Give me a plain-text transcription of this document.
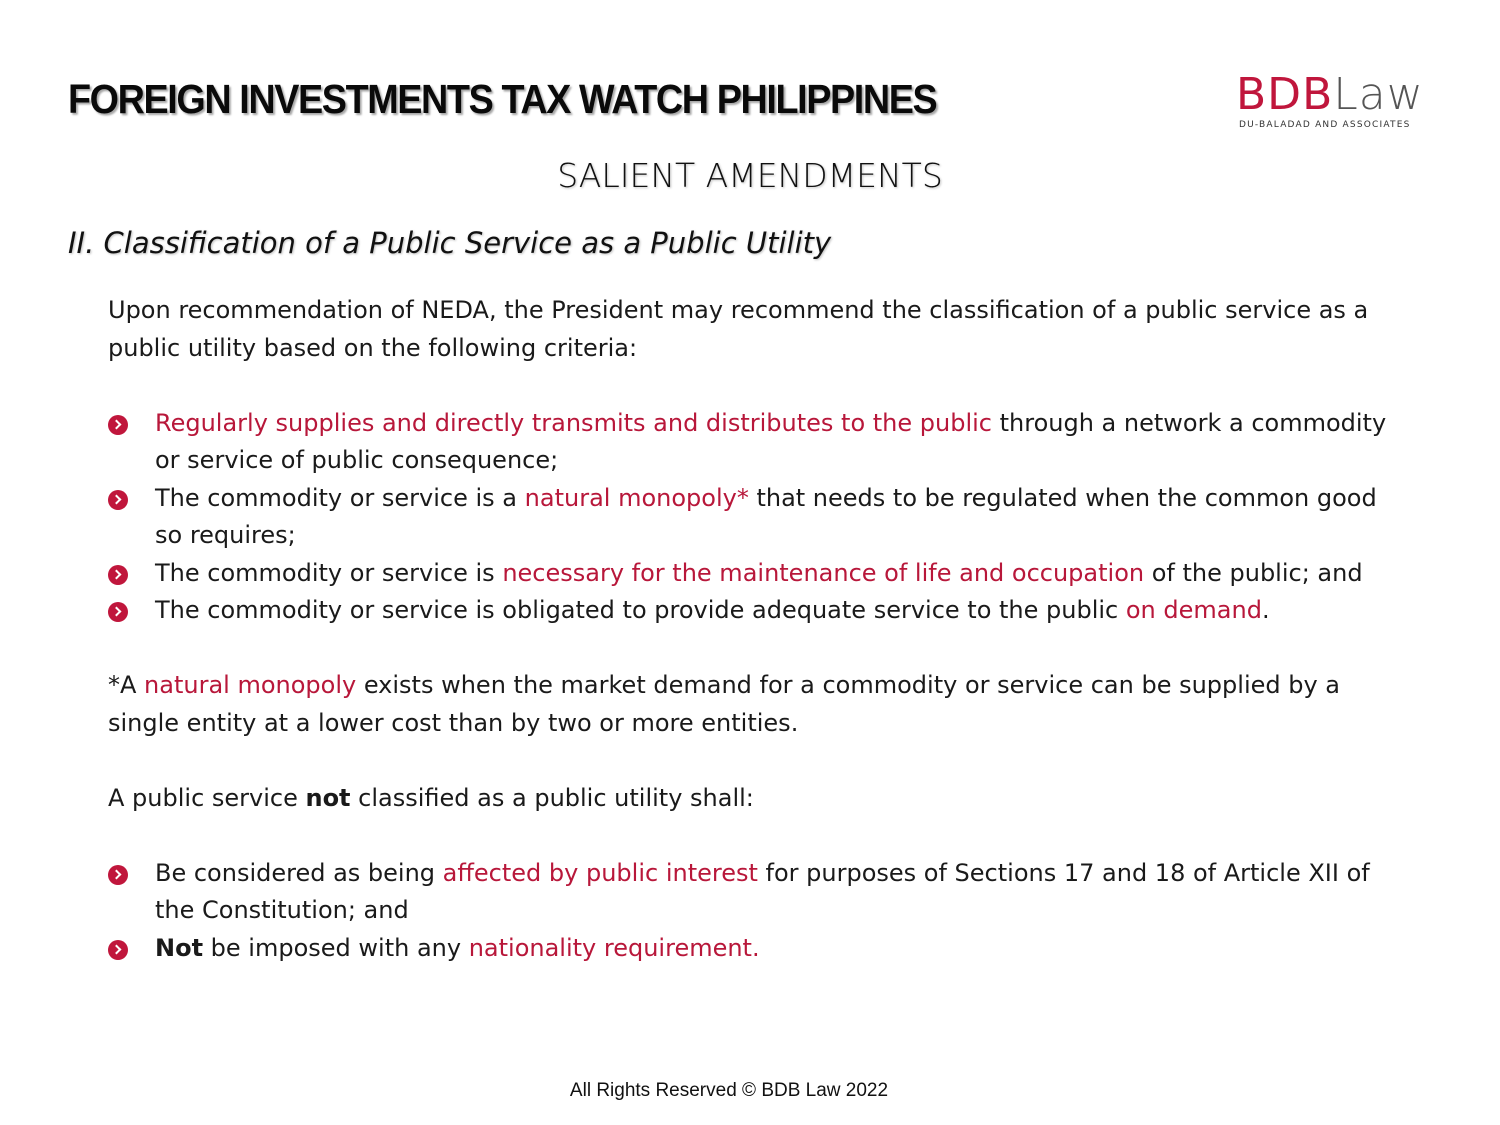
FOREIGN INVESTMENTS TAX WATCH PHILIPPINES	BDBLaw
DU-BALADAD AND ASSOCIATES
SALIENT AMENDMENTS
II. Classification of a Public Service as a Public Utility

Upon recommendation of NEDA, the President may recommend the classification of a public service as a public utility based on the following criteria:

Regularly supplies and directly transmits and distributes to the public through a network a commodity or service of public consequence;
The commodity or service is a natural monopoly* that needs to be regulated when the common good so requires;
The commodity or service is necessary for the maintenance of life and occupation of the public; and
The commodity or service is obligated to provide adequate service to the public on demand.

*A natural monopoly exists when the market demand for a commodity or service can be supplied by a single entity at a lower cost than by two or more entities.

A public service not classified as a public utility shall:

Be considered as being affected by public interest for purposes of Sections 17 and 18 of Article XII of the Constitution; and
Not be imposed with any nationality requirement.
All Rights Reserved © BDB Law 2022
